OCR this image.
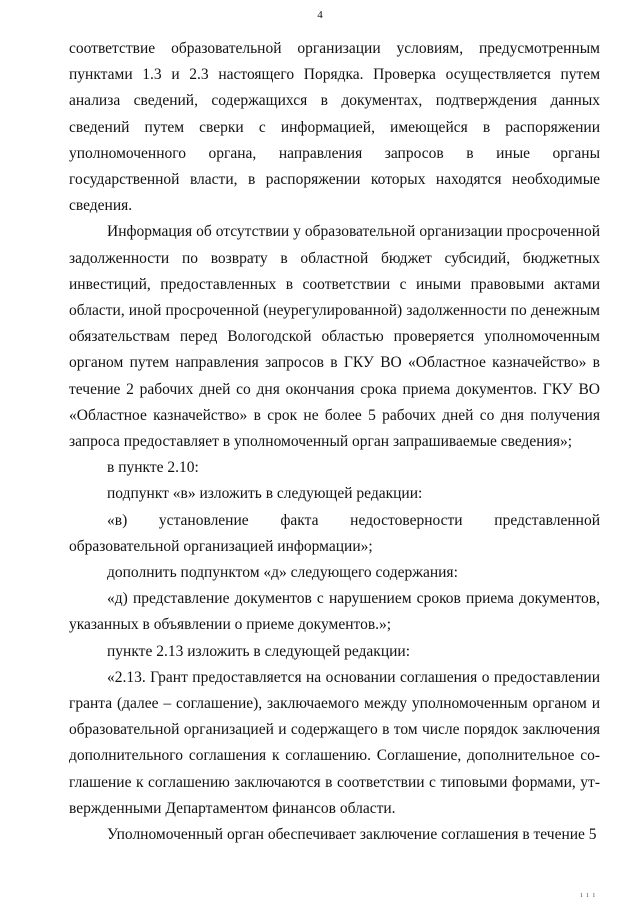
4

соответствие образовательной организации условиям, предусмотренным пунктами 1.3 и 2.3 настоящего Порядка. Проверка осуществляется путем анализа сведений, содержащихся в документах, подтверждения данных сведений путем сверки с информацией, имеющейся в распоряжении уполномоченного органа, направления запросов в иные органы государственной власти, в распоряжении которых находятся необходимые сведения.

Информация об отсутствии у образовательной организации просроченной задолженности по возврату в областной бюджет субсидий, бюджетных инвестиций, предоставленных в соответствии с иными правовыми актами области, иной просроченной (неурегулированной) задолженности по денежным обязательствам перед Вологодской областью проверяется уполномоченным органом путем направления запросов в ГКУ ВО «Областное казначейство» в течение 2 рабочих дней со дня окончания срока приема документов. ГКУ ВО «Областное казначейство» в срок не более 5 рабочих дней со дня получения запроса предоставляет в уполномоченный орган запрашиваемые сведения»;

в пункте 2.10:

подпункт «в» изложить в следующей редакции:

«в) установление факта недостоверности представленной образовательной организацией информации»;

дополнить подпунктом «д» следующего содержания:

«д) представление документов с нарушением сроков приема документов, указанных в объявлении о приеме документов.»;

пункте 2.13 изложить в следующей редакции:

«2.13. Грант предоставляется на основании соглашения о предоставлении гранта (далее – соглашение), заключаемого между уполномоченным органом и образовательной организацией и содержащего в том числе порядок заключения дополнительного соглашения к соглашению. Соглашение, дополнительное со-глашение к соглашению заключаются в соответствии с типовыми формами, ут-вержденными Департаментом финансов области.

Уполномоченный орган обеспечивает заключение соглашения в течение 5

ı ı ı
